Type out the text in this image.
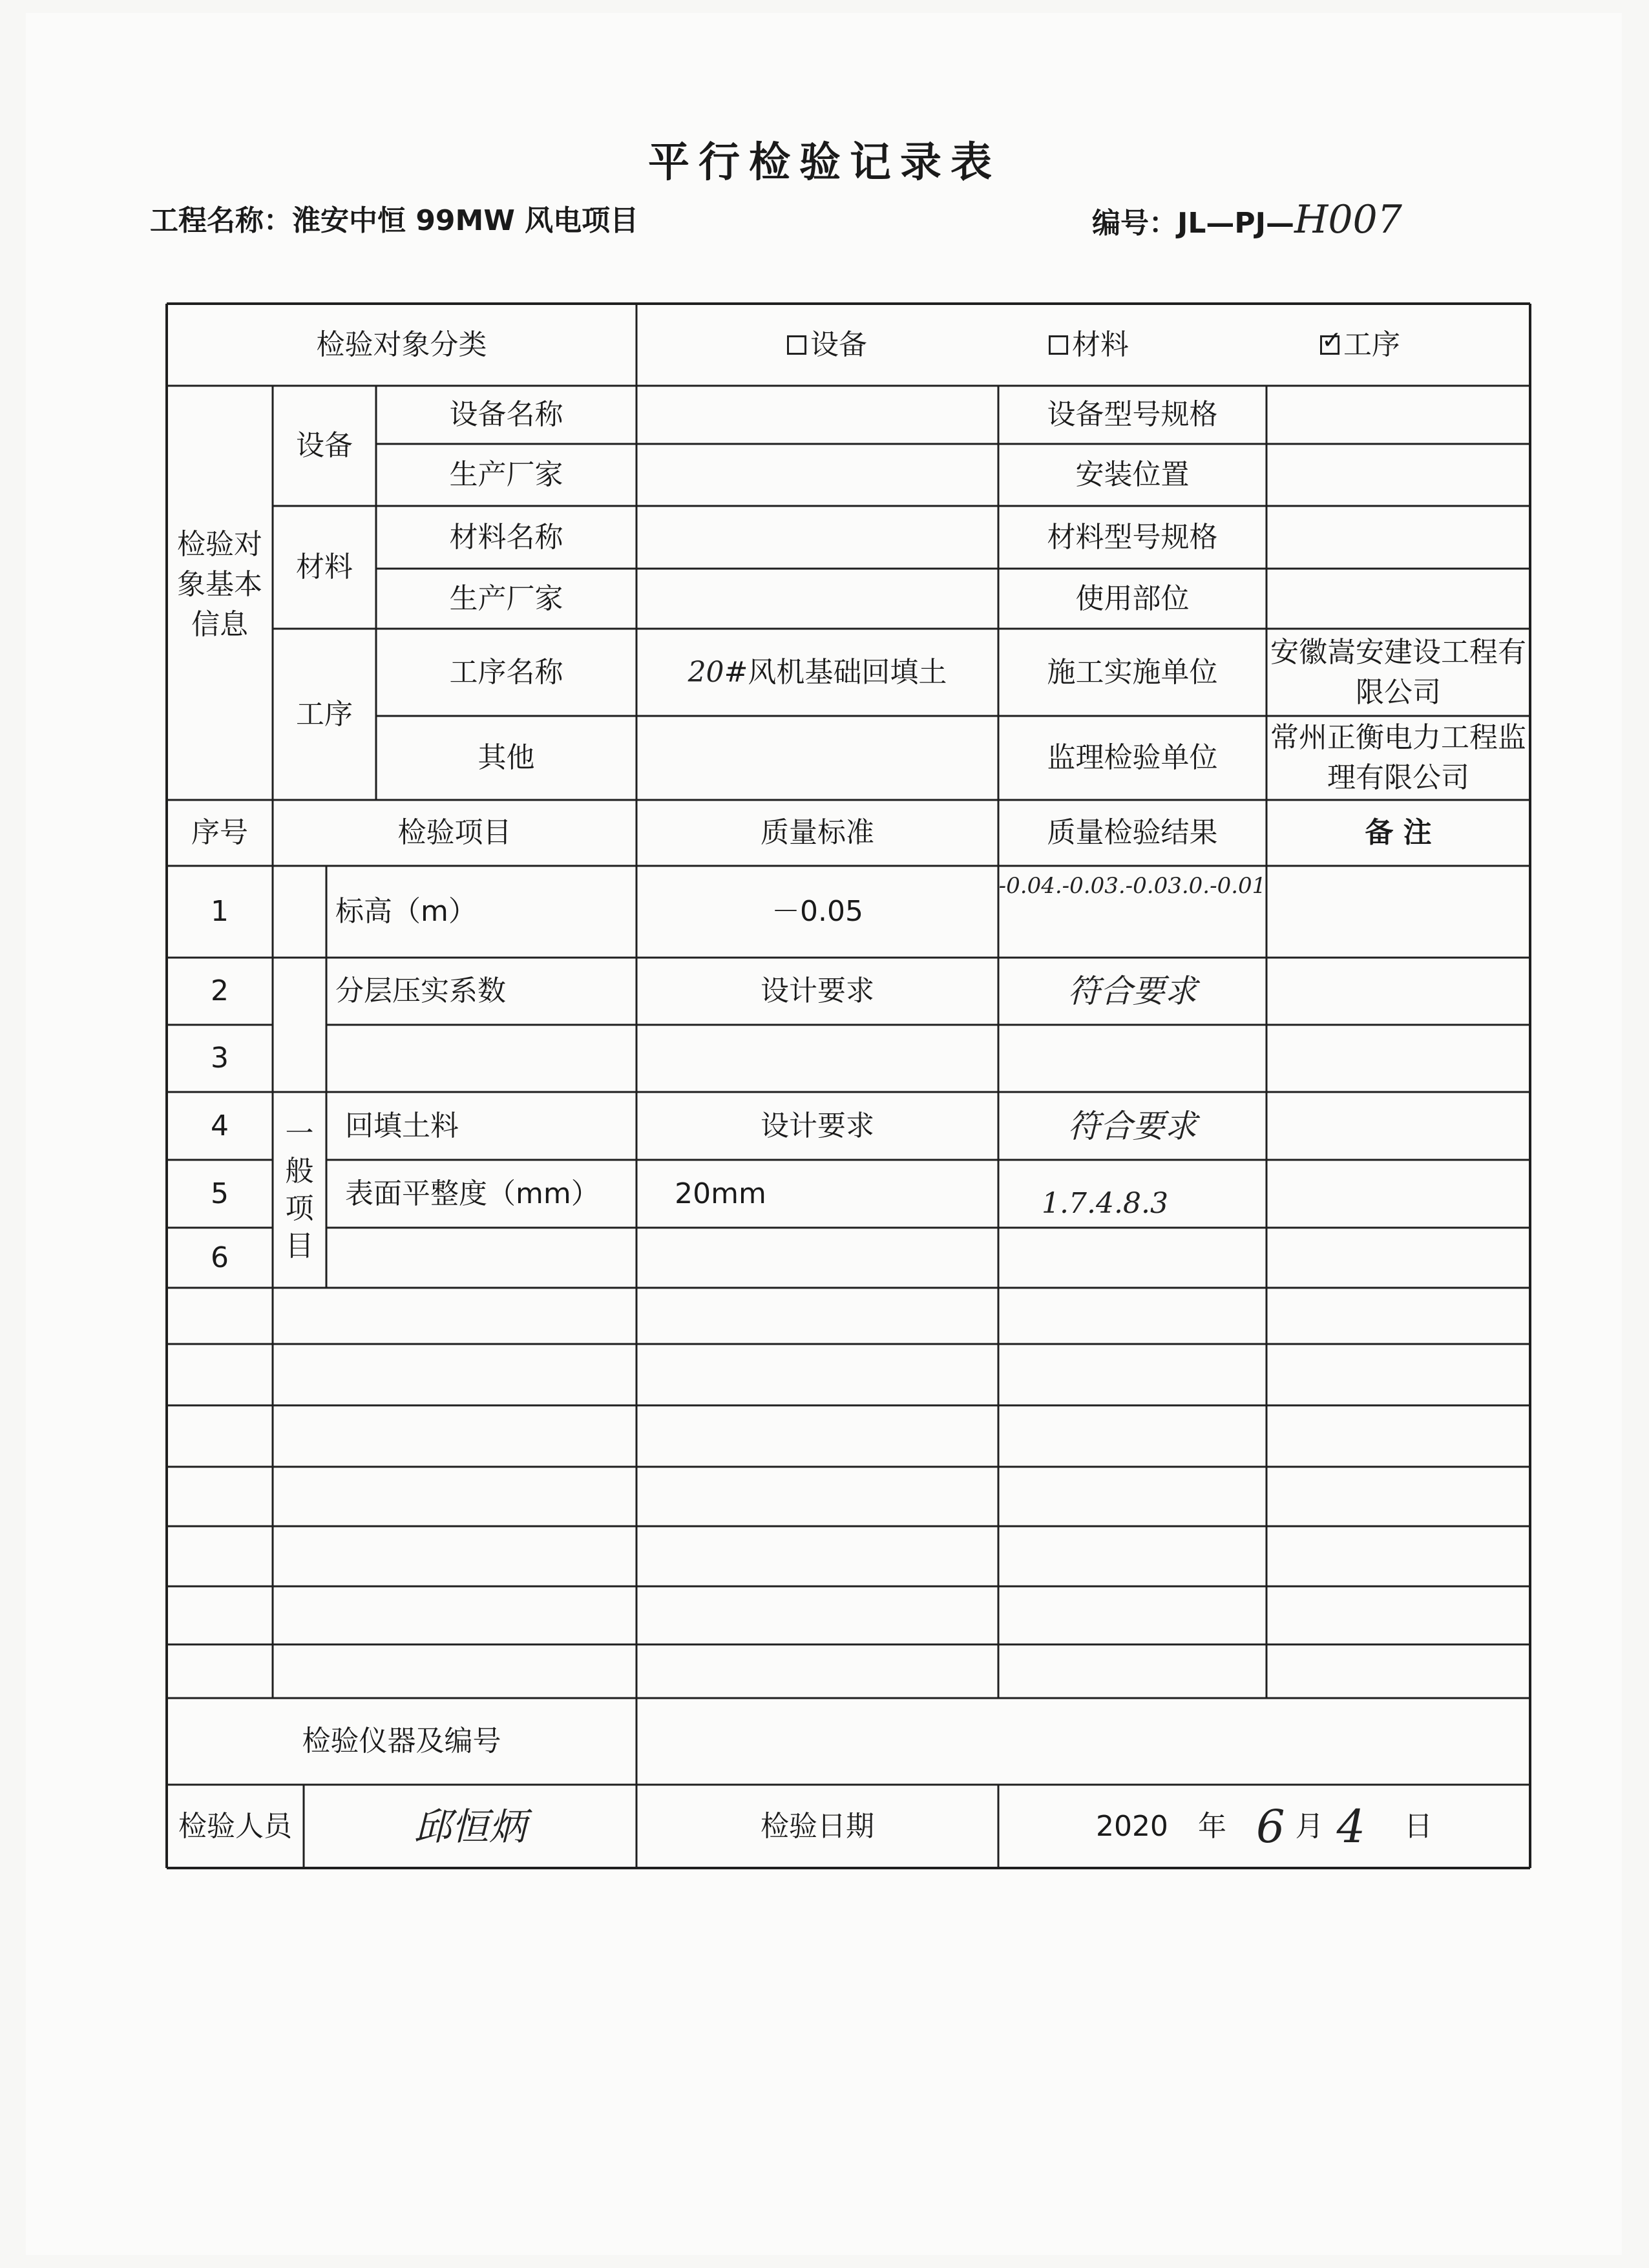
平行检验记录表
工程名称：淮安中恒 99MW 风电项目	编号：JL—PJ—H007
检验对象分类	设备	材料
✓	工序
检验对象基本信息
设备
设备名称	设备型号规格
生产厂家	安装位置
材料
材料名称	材料型号规格
生产厂家	使用部位
工序
工序名称	20 #风机基础回填土	施工实施单位
安徽嵩安建设工程有限公司
其他	监理检验单位
常州正衡电力工程监理有限公司
序号	检验项目	质量标准	质量检验结果	备 注
一般项目
1	标高（m）	－0.05
-0.04.-0.03.-0.03.0.-0.01
2	分层压实系数	设计要求	符合要求
3
4	回填土料	设计要求	符合要求
5	表面平整度（mm）	20mm	1.7.4.8.3
6
检验仪器及编号
检验人员	邱恒炳	检验日期	2020 年 6 月 4 日
